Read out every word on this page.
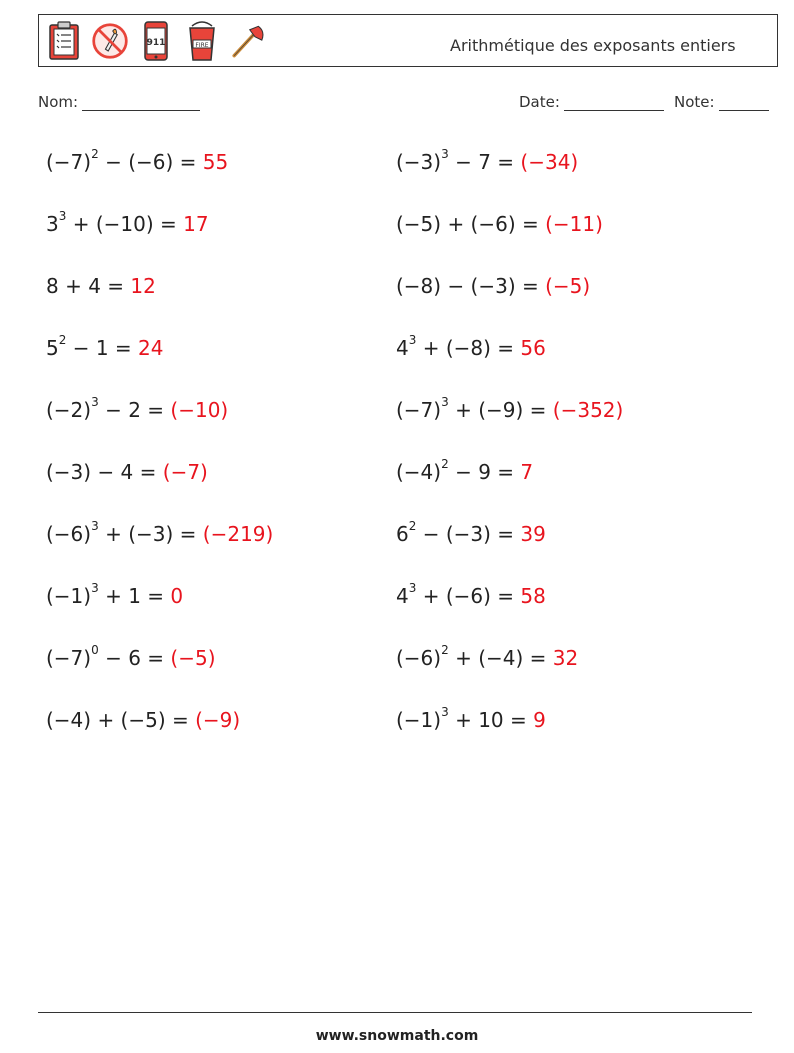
911	FIRE	Arithmétique des exposants entiers
Nom:	Date:	Note:
$(-7)^2 - (-6) = 55$	$(-3)^3 - 7 = (-34)$
$3^3 + (-10) = 17$	(−5) + (−6) = (−11)
8 + 4 = 12	(−8) − (−3) = (−5)
$5^2 - 1 = 24$	$4^3 + (-8) = 56$
$(-2)^3 - 2 = (-10)$	$(-7)^3 + (-9) = (-352)$
(−3) − 4 = (−7)	$(-4)^2 - 9 = 7$
$(-6)^3 + (-3) = (-219)$	$6^2 - (-3) = 39$
$(-1)^3 + 1 = 0$	$4^3 + (-6) = 58$
$(-7)^0 - 6 = (-5)$	$(-6)^2 + (-4) = 32$
(−4) + (−5) = (−9)	$(-1)^3 + 10 = 9$
www.snowmath.com
